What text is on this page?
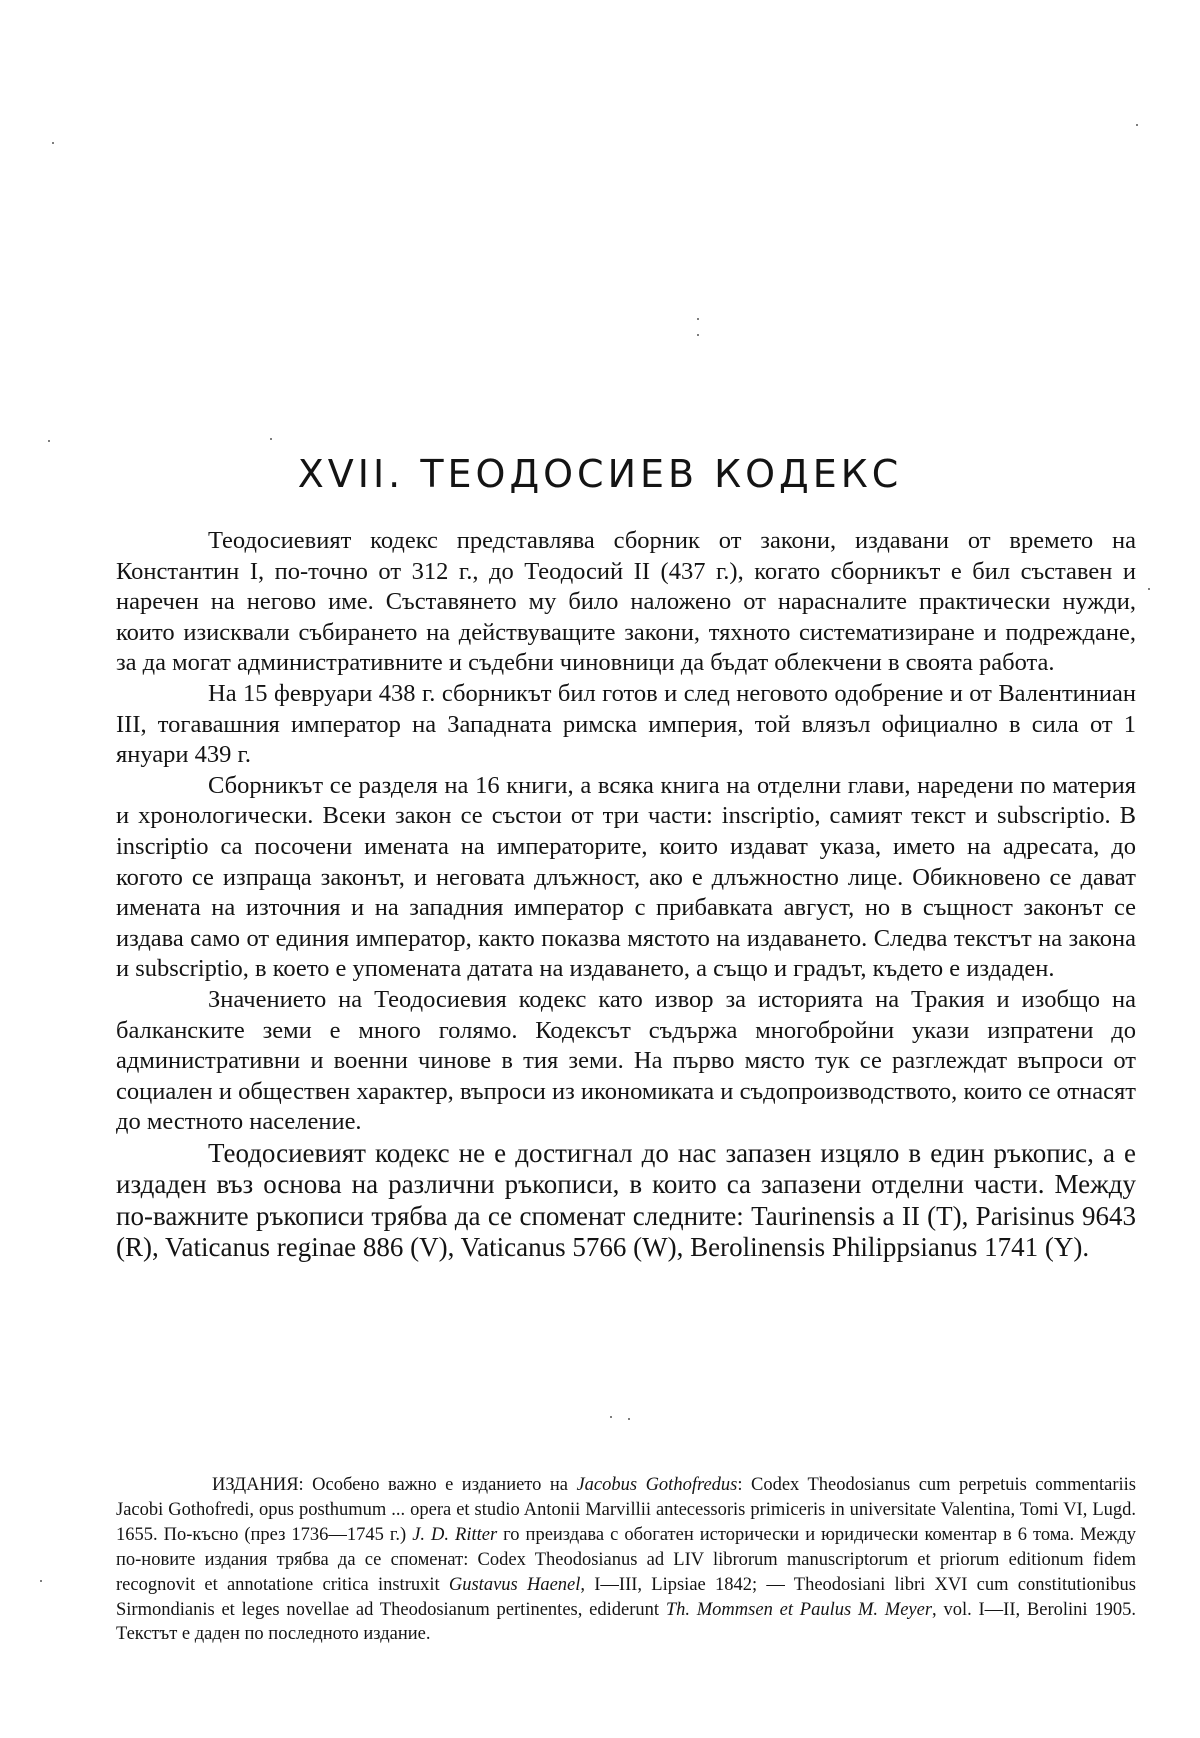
XVII. ТЕОДОСИЕВ КОДЕКС

Теодосиевият кодекс представлява сборник от закони, издавани от времето на Константин I, по-точно от 312 г., до Теодосий II (437 г.), когато сборникът е бил съставен и наречен на негово име. Съставянето му било наложено от нарасналите практически нужди, които изисквали събирането на действуващите закони, тяхното систематизиране и подреждане, за да могат административните и съдебни чиновници да бъдат облекчени в своята работа.

На 15 февруари 438 г. сборникът бил готов и след неговото одобрение и от Валентиниан III, тогавашния император на Западната римска империя, той влязъл официално в сила от 1 януари 439 г.

Сборникът се разделя на 16 книги, а всяка книга на отделни глави, наредени по материя и хронологически. Всеки закон се състои от три части: inscriptio, самият текст и subscriptio. В inscriptio са посочени имената на императорите, които издават указа, името на адресата, до когото се изпраща законът, и неговата длъжност, ако е длъжностно лице. Обикновено се дават имената на източния и на западния император с прибавката август, но в същност законът се издава само от единия император, както показва мястото на издаването. Следва текстът на закона и subscriptio, в което е упомената датата на издаването, а също и градът, където е издаден.

Значението на Теодосиевия кодекс като извор за историята на Тракия и изобщо на балканските земи е много голямо. Кодексът съдържа многобройни укази изпратени до административни и военни чинове в тия земи. На първо място тук се разглеждат въпроси от социален и обществен характер, въпроси из икономиката и съдопроизводството, които се отнасят до местното население.

Теодосиевият кодекс не е достигнал до нас запазен изцяло в един ръкопис, а е издаден въз основа на различни ръкописи, в които са запазени отделни части. Между по-важните ръкописи трябва да се споменат следните: Taurinensis a II (T), Parisinus 9643 (R), Vaticanus reginae 886 (V), Vaticanus 5766 (W), Berolinensis Philippsianus 1741 (Y).

ИЗДАНИЯ: Особено важно е изданието на Jacobus Gothofredus: Codex Theodosianus cum perpetuis commentariis Jacobi Gothofredi, opus posthumum ... opera et studio Antonii Marvillii antecessoris primiceris in universitate Valentina, Tomi VI, Lugd. 1655. По-късно (през 1736—1745 г.) J. D. Ritter го преиздава с обогатен исторически и юридически коментар в 6 тома. Между по-новите издания трябва да се споменат: Codex Theodosianus ad LIV librorum manuscriptorum et priorum editionum fidem recognovit et annotatione critica instruxit Gustavus Haenel, I—III, Lipsiae 1842; — Theodosiani libri XVI cum constitutionibus Sirmondianis et leges novellae ad Theodosianum pertinentes, ediderunt Th. Mommsen et Paulus M. Meyer, vol. I—II, Berolini 1905. Текстът е даден по последното издание.
